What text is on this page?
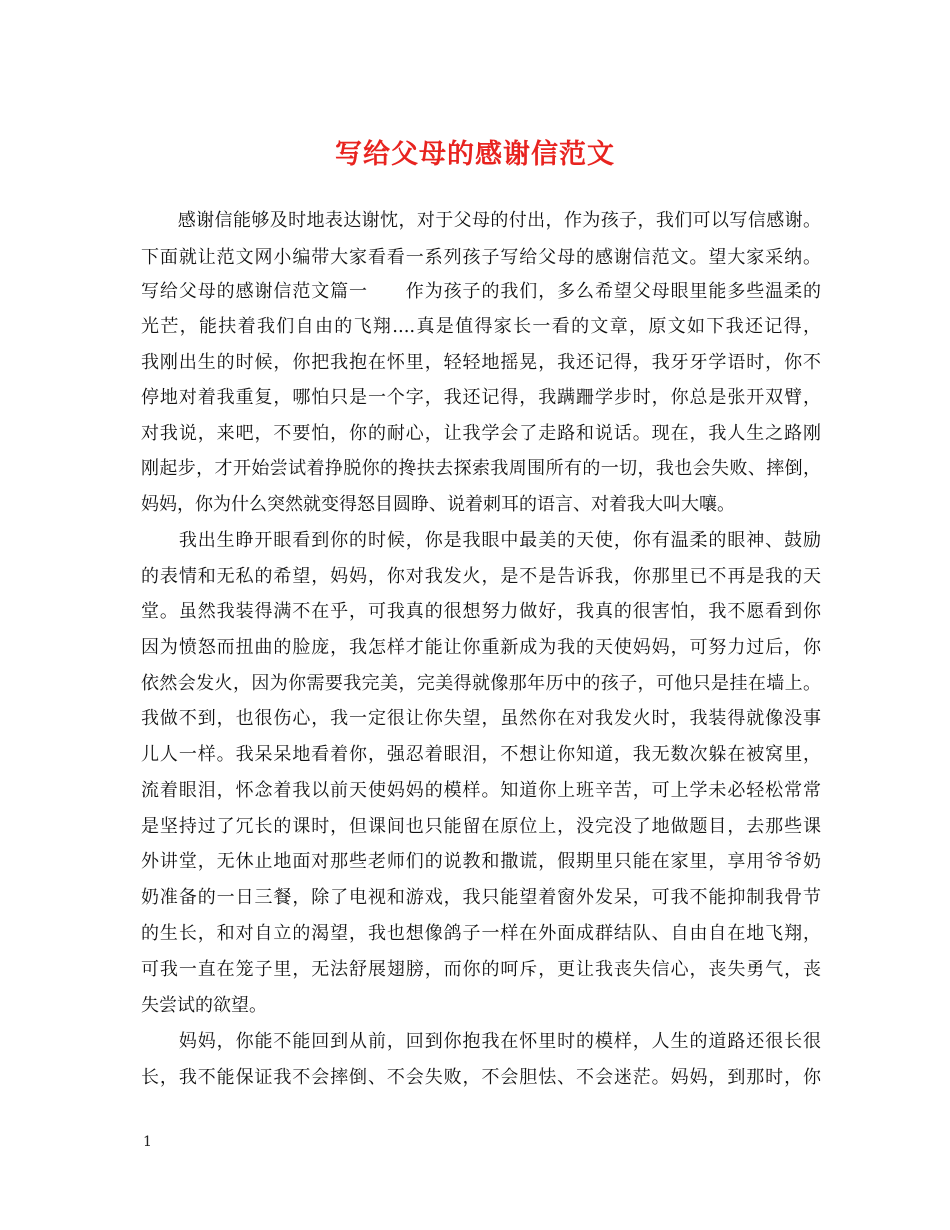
写给父母的感谢信范文

　　感谢信能够及时地表达谢忱，对于父母的付出，作为孩子，我们可以写信感谢。

下面就让范文网小编带大家看看一系列孩子写给父母的感谢信范文。望大家采纳。

写给父母的感谢信范文篇一　　作为孩子的我们，多么希望父母眼里能多些温柔的

光芒，能扶着我们自由的飞翔....真是值得家长一看的文章，原文如下我还记得，

我刚出生的时候，你把我抱在怀里，轻轻地摇晃，我还记得，我牙牙学语时，你不

停地对着我重复，哪怕只是一个字，我还记得，我蹒跚学步时，你总是张开双臂，

对我说，来吧，不要怕，你的耐心，让我学会了走路和说话。现在，我人生之路刚

刚起步，才开始尝试着挣脱你的搀扶去探索我周围所有的一切，我也会失败、摔倒，

妈妈，你为什么突然就变得怒目圆睁、说着刺耳的语言、对着我大叫大嚷。

　　我出生睁开眼看到你的时候，你是我眼中最美的天使，你有温柔的眼神、鼓励

的表情和无私的希望，妈妈，你对我发火，是不是告诉我，你那里已不再是我的天

堂。虽然我装得满不在乎，可我真的很想努力做好，我真的很害怕，我不愿看到你

因为愤怒而扭曲的脸庞，我怎样才能让你重新成为我的天使妈妈，可努力过后，你

依然会发火，因为你需要我完美，完美得就像那年历中的孩子，可他只是挂在墙上。

我做不到，也很伤心，我一定很让你失望，虽然你在对我发火时，我装得就像没事

儿人一样。我呆呆地看着你，强忍着眼泪，不想让你知道，我无数次躲在被窝里，

流着眼泪，怀念着我以前天使妈妈的模样。知道你上班辛苦，可上学未必轻松常常

是坚持过了冗长的课时，但课间也只能留在原位上，没完没了地做题目，去那些课

外讲堂，无休止地面对那些老师们的说教和撒谎，假期里只能在家里，享用爷爷奶

奶准备的一日三餐，除了电视和游戏，我只能望着窗外发呆，可我不能抑制我骨节

的生长，和对自立的渴望，我也想像鸽子一样在外面成群结队、自由自在地飞翔，

可我一直在笼子里，无法舒展翅膀，而你的呵斥，更让我丧失信心，丧失勇气，丧

失尝试的欲望。

　　妈妈，你能不能回到从前，回到你抱我在怀里时的模样，人生的道路还很长很

长，我不能保证我不会摔倒、不会失败，不会胆怯、不会迷茫。妈妈，到那时，你

1
